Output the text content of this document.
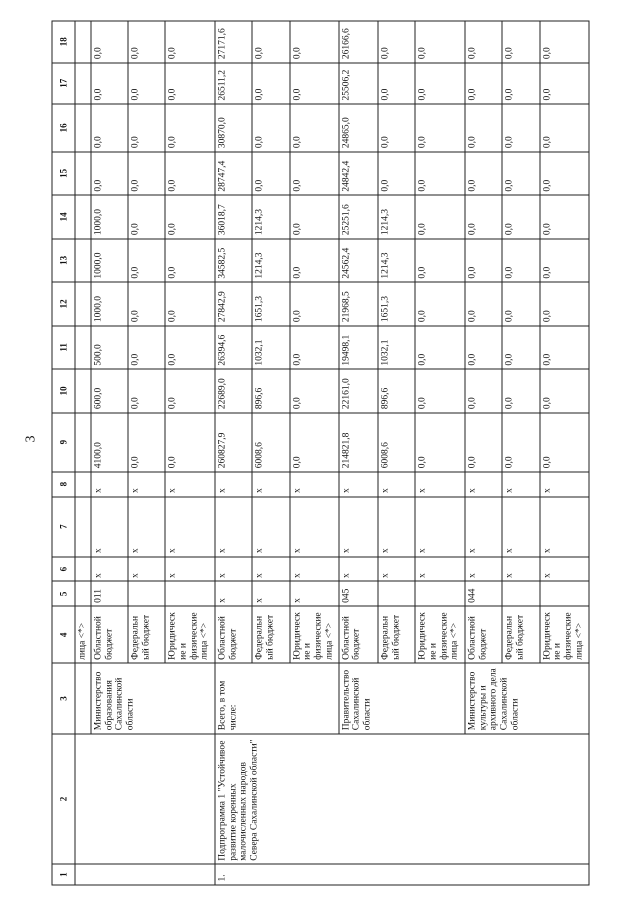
3
1	2	3	4	5	6	7	8	9	10	11	12	13	14	15	16	17	18
			лица <*>														
		Министерство образования Сахалинской области	Областной бюджет	011	x	x	x	4100,0	600,0	500,0	1000,0	1000,0	1000,0	0,0	0,0	0,0	0,0
			Федеральный бюджет		x	x	x	0,0	0,0	0,0	0,0	0,0	0,0	0,0	0,0	0,0	0,0
			Юридические и физические лица <*>		x	x	x	0,0	0,0	0,0	0,0	0,0	0,0	0,0	0,0	0,0	0,0
1.	Подпрограмма 1 "Устойчивое развитие коренных малочисленных народов Севера Сахалинской области"	Всего, в том числе:	Областной бюджет	x	x	x	x	260827,9	22689,0	26394,6	27842,9	34582,5	36018,7	28747,4	30870,0	26511,2	27171,6
			Федеральный бюджет	x	x	x	x	6008,6	896,6	1032,1	1651,3	1214,3	1214,3	0,0	0,0	0,0	0,0
			Юридические и физические лица <*>	x	x	x	x	0,0	0,0	0,0	0,0	0,0	0,0	0,0	0,0	0,0	0,0
		Правительство Сахалинской области	Областной бюджет	045	x	x	x	214821,8	22161,0	19498,1	21968,5	24562,4	25251,6	24842,4	24865,0	25506,2	26166,6
			Федеральный бюджет		x	x	x	6008,6	896,6	1032,1	1651,3	1214,3	1214,3	0,0	0,0	0,0	0,0
			Юридические и физические лица <*>		x	x	x	0,0	0,0	0,0	0,0	0,0	0,0	0,0	0,0	0,0	0,0
		Министерство культуры и архивного дела Сахалинской области	Областной бюджет	044	x	x	x	0,0	0,0	0,0	0,0	0,0	0,0	0,0	0,0	0,0	0,0
			Федеральный бюджет		x	x	x	0,0	0,0	0,0	0,0	0,0	0,0	0,0	0,0	0,0	0,0
			Юридические и физические лица <*>		x	x	x	0,0	0,0	0,0	0,0	0,0	0,0	0,0	0,0	0,0	0,0
